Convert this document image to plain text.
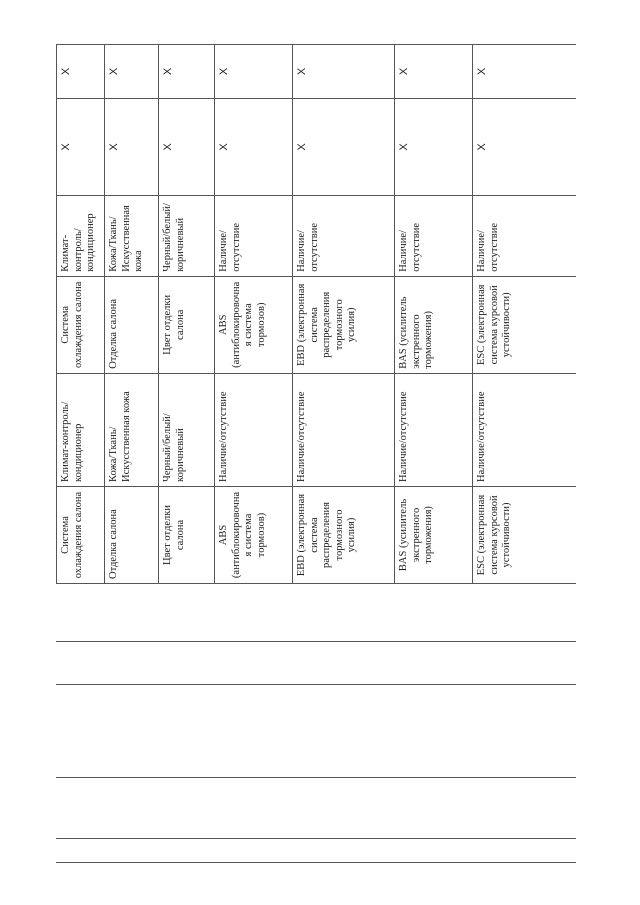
Система охлаждения салона	Климат-контроль/ кондиционер	Система охлаждения салона	Климат-контроль/ кондиционер	X	X
Отделка салона	Кожа/Ткань/ Искусственная кожа	Отделка салона	Кожа/Ткань/ Искусственная кожа	X	X
Цвет отделки салона	Черный/белый/коричневый	Цвет отделки салона	Черный/белый/коричневый	X	X
ABS (антиблокировочная система тормозов)	Наличие/отсутствие	ABS (антиблокировочная система тормозов)	Наличие/отсутствие	X	X
EBD (электронная система распределения тормозного усилия)	Наличие/отсутствие	EBD (электронная система распределения тормозного усилия)	Наличие/отсутствие	X	X
BAS (усилитель экстренного торможения)	Наличие/отсутствие	BAS (усилитель экстренного торможения)	Наличие/отсутствие	X	X
ESC (электронная система курсовой устойчивости)	Наличие/отсутствие	ESC (электронная система курсовой устойчивости)	Наличие/отсутствие	X	X
